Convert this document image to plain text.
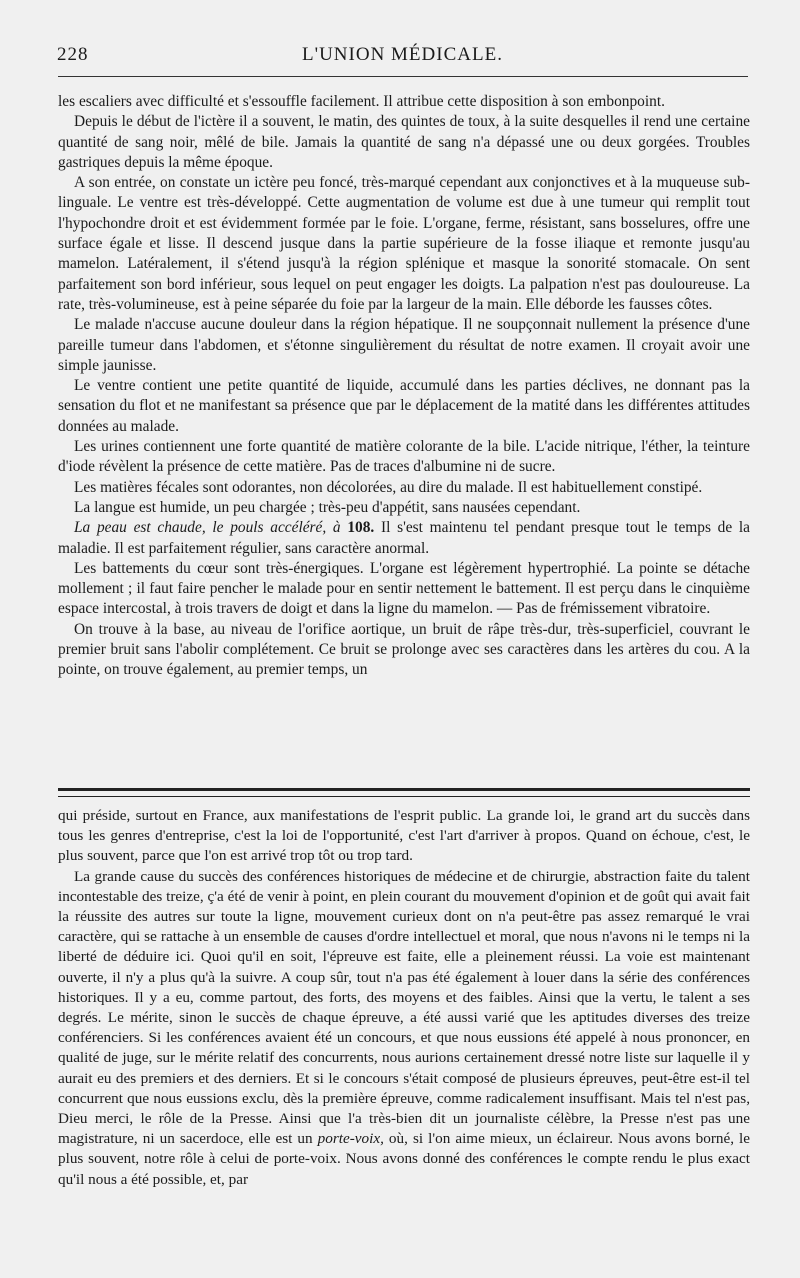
228	L'UNION MÉDICALE.

les escaliers avec difficulté et s'essouffle facilement. Il attribue cette disposition à son embonpoint.

Depuis le début de l'ictère il a souvent, le matin, des quintes de toux, à la suite desquelles il rend une certaine quantité de sang noir, mêlé de bile. Jamais la quantité de sang n'a dépassé une ou deux gorgées. Troubles gastriques depuis la même époque.

A son entrée, on constate un ictère peu foncé, très-marqué cependant aux conjonctives et à la muqueuse sub-linguale. Le ventre est très-développé. Cette augmentation de volume est due à une tumeur qui remplit tout l'hypochondre droit et est évidemment formée par le foie. L'organe, ferme, résistant, sans bosselures, offre une surface égale et lisse. Il descend jusque dans la partie supérieure de la fosse iliaque et remonte jusqu'au mamelon. Latéralement, il s'étend jusqu'à la région splénique et masque la sonorité stomacale. On sent parfaitement son bord inférieur, sous lequel on peut engager les doigts. La palpation n'est pas douloureuse. La rate, très-volumineuse, est à peine séparée du foie par la largeur de la main. Elle déborde les fausses côtes.

Le malade n'accuse aucune douleur dans la région hépatique. Il ne soupçonnait nullement la présence d'une pareille tumeur dans l'abdomen, et s'étonne singulièrement du résultat de notre examen. Il croyait avoir une simple jaunisse.

Le ventre contient une petite quantité de liquide, accumulé dans les parties déclives, ne donnant pas la sensation du flot et ne manifestant sa présence que par le déplacement de la matité dans les différentes attitudes données au malade.

Les urines contiennent une forte quantité de matière colorante de la bile. L'acide nitrique, l'éther, la teinture d'iode révèlent la présence de cette matière. Pas de traces d'albumine ni de sucre.

Les matières fécales sont odorantes, non décolorées, au dire du malade. Il est habituellement constipé.

La langue est humide, un peu chargée ; très-peu d'appétit, sans nausées cependant.

La peau est chaude, le pouls accéléré, à 108. Il s'est maintenu tel pendant presque tout le temps de la maladie. Il est parfaitement régulier, sans caractère anormal.

Les battements du cœur sont très-énergiques. L'organe est légèrement hypertrophié. La pointe se détache mollement ; il faut faire pencher le malade pour en sentir nettement le battement. Il est perçu dans le cinquième espace intercostal, à trois travers de doigt et dans la ligne du mamelon. — Pas de frémissement vibratoire.

On trouve à la base, au niveau de l'orifice aortique, un bruit de râpe très-dur, très-superficiel, couvrant le premier bruit sans l'abolir complétement. Ce bruit se prolonge avec ses caractères dans les artères du cou. A la pointe, on trouve également, au premier temps, un

qui préside, surtout en France, aux manifestations de l'esprit public. La grande loi, le grand art du succès dans tous les genres d'entreprise, c'est la loi de l'opportunité, c'est l'art d'arriver à propos. Quand on échoue, c'est, le plus souvent, parce que l'on est arrivé trop tôt ou trop tard.

La grande cause du succès des conférences historiques de médecine et de chirurgie, abstraction faite du talent incontestable des treize, ç'a été de venir à point, en plein courant du mouvement d'opinion et de goût qui avait fait la réussite des autres sur toute la ligne, mouvement curieux dont on n'a peut-être pas assez remarqué le vrai caractère, qui se rattache à un ensemble de causes d'ordre intellectuel et moral, que nous n'avons ni le temps ni la liberté de déduire ici. Quoi qu'il en soit, l'épreuve est faite, elle a pleinement réussi. La voie est maintenant ouverte, il n'y a plus qu'à la suivre. A coup sûr, tout n'a pas été également à louer dans la série des conférences historiques. Il y a eu, comme partout, des forts, des moyens et des faibles. Ainsi que la vertu, le talent a ses degrés. Le mérite, sinon le succès de chaque épreuve, a été aussi varié que les aptitudes diverses des treize conférenciers. Si les conférences avaient été un concours, et que nous eussions été appelé à nous prononcer, en qualité de juge, sur le mérite relatif des concurrents, nous aurions certainement dressé notre liste sur laquelle il y aurait eu des premiers et des derniers. Et si le concours s'était composé de plusieurs épreuves, peut-être est-il tel concurrent que nous eussions exclu, dès la première épreuve, comme radicalement insuffisant. Mais tel n'est pas, Dieu merci, le rôle de la Presse. Ainsi que l'a très-bien dit un journaliste célèbre, la Presse n'est pas une magistrature, ni un sacerdoce, elle est un porte-voix, où, si l'on aime mieux, un éclaireur. Nous avons borné, le plus souvent, notre rôle à celui de porte-voix. Nous avons donné des conférences le compte rendu le plus exact qu'il nous a été possible, et, par
